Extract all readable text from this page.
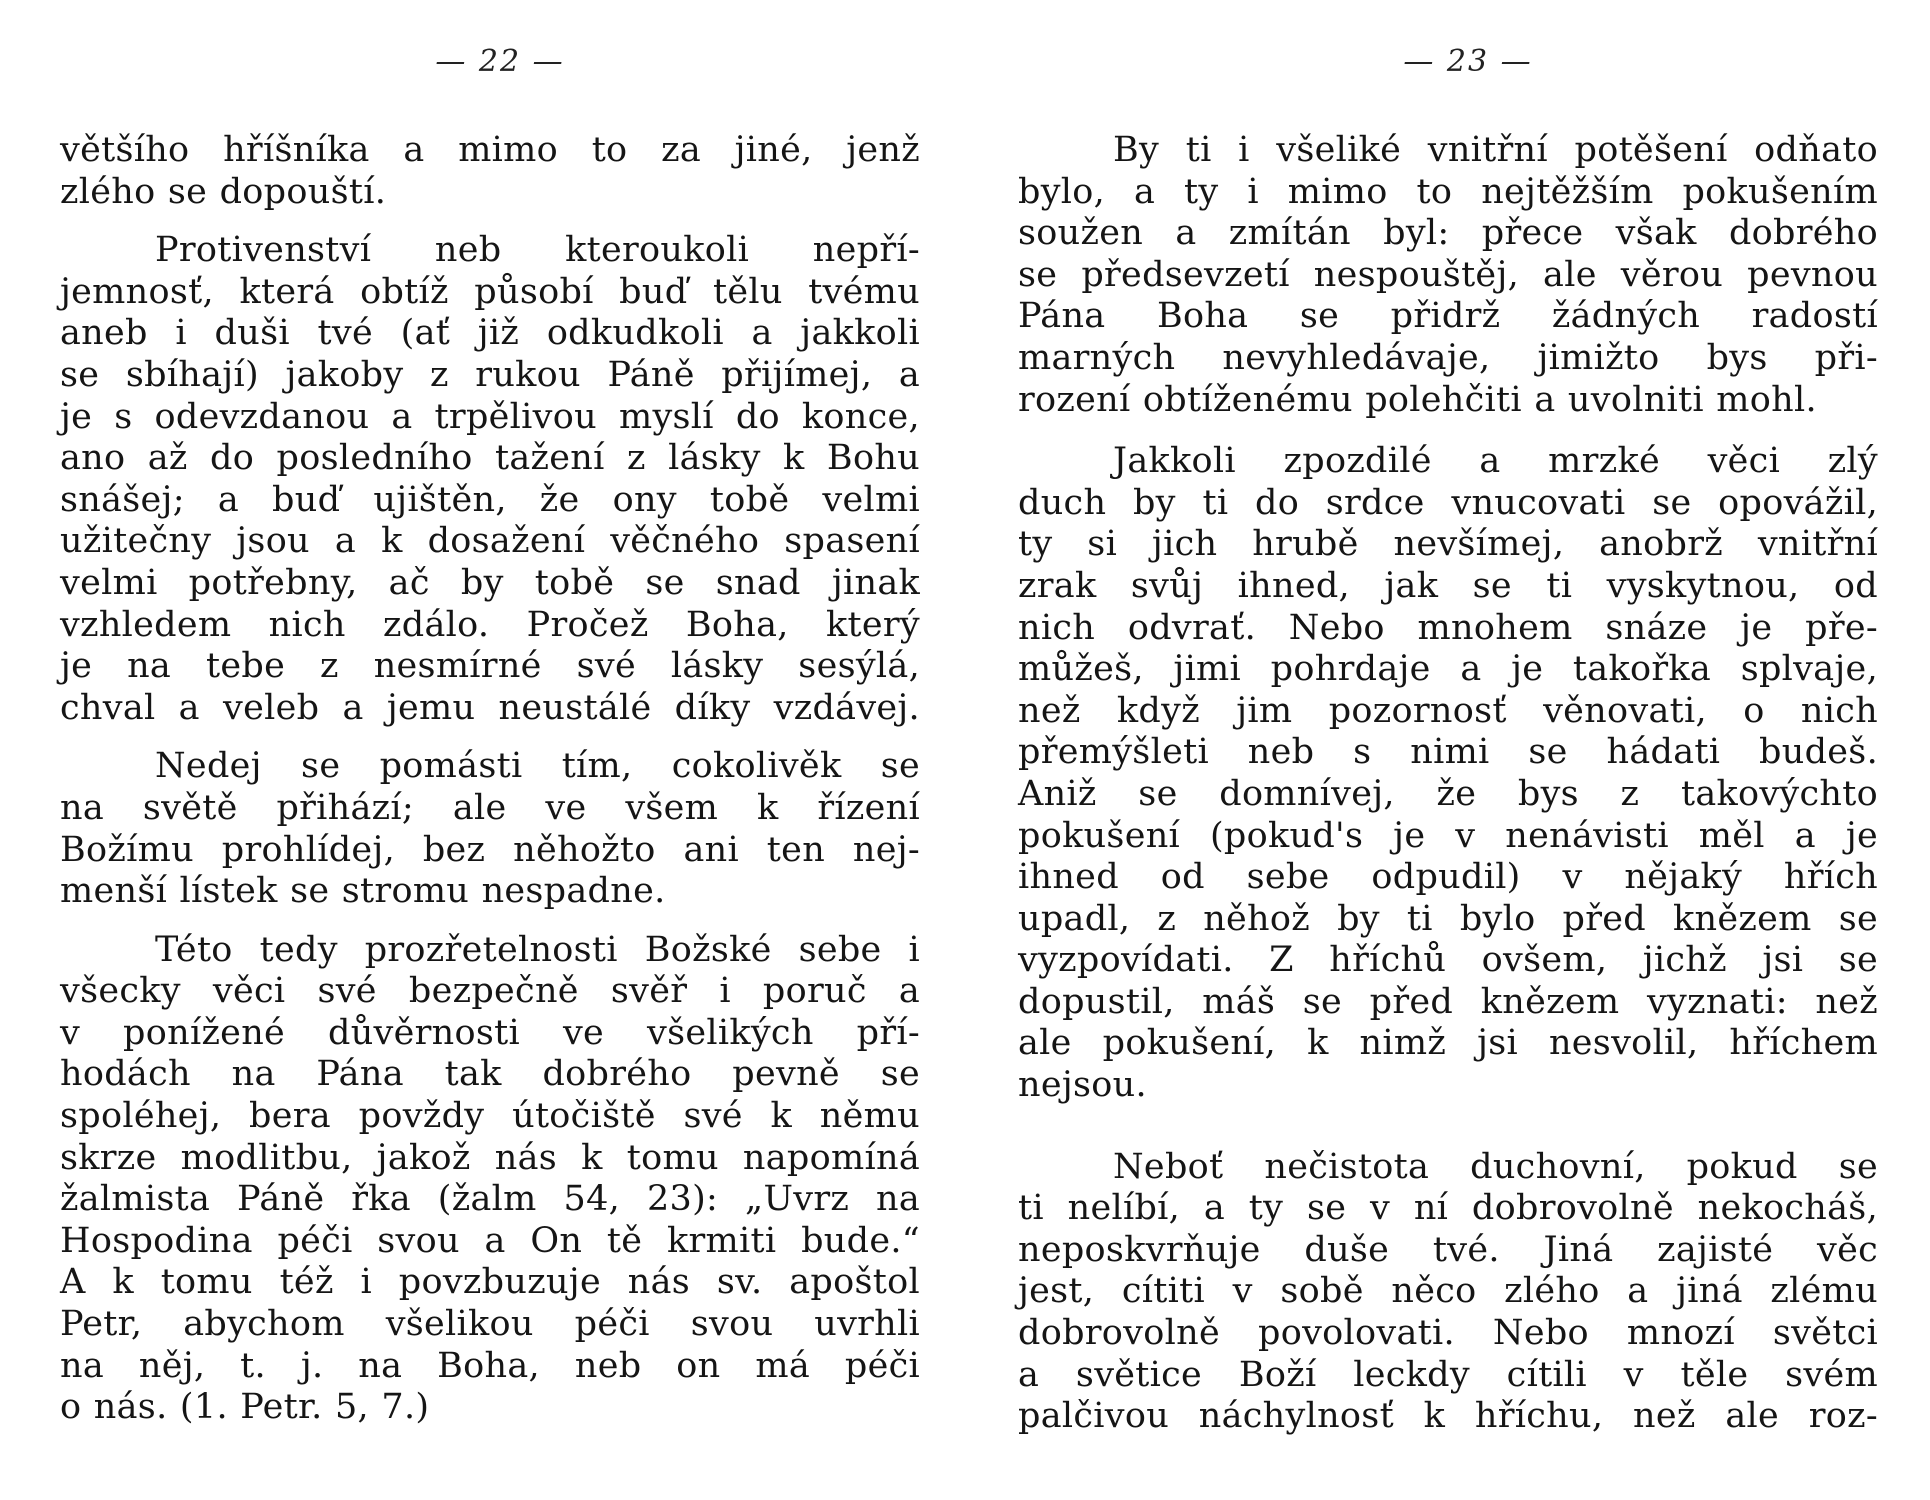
— 22 —
většího hříšníka a mimo to za jiné, jenž
zlého se dopouští.
Protivenství neb kteroukoli nepří-
jemnosť, která obtíž působí buď tělu tvému
aneb i duši tvé (ať již odkudkoli a jakkoli
se sbíhají) jakoby z rukou Páně přijímej, a
je s odevzdanou a trpělivou myslí do konce,
ano až do posledního tažení z lásky k Bohu
snášej; a buď ujištěn, že ony tobě velmi
užitečny jsou a k dosažení věčného spasení
velmi potřebny, ač by tobě se snad jinak
vzhledem nich zdálo. Pročež Boha, který
je na tebe z nesmírné své lásky sesýlá,
chval a veleb a jemu neustálé díky vzdávej.
Nedej se pomásti tím, cokolivěk se
na světě přihází; ale ve všem k řízení
Božímu prohlídej, bez něhožto ani ten nej-
menší lístek se stromu nespadne.
Této tedy prozřetelnosti Božské sebe i
všecky věci své bezpečně svěř i poruč a
v ponížené důvěrnosti ve všelikých pří-
hodách na Pána tak dobrého pevně se
spoléhej, bera povždy útočiště své k němu
skrze modlitbu, jakož nás k tomu napomíná
žalmista Páně řka (žalm 54, 23): „Uvrz na
Hospodina péči svou a On tě krmiti bude.“
A k tomu též i povzbuzuje nás sv. apoštol
Petr, abychom všelikou péči svou uvrhli
na něj, t. j. na Boha, neb on má péči
o nás. (1. Petr. 5, 7.)
— 23 —
By ti i všeliké vnitřní potěšení odňato
bylo, a ty i mimo to nejtěžším pokušením
soužen a zmítán byl: přece však dobrého
se předsevzetí nespouštěj, ale věrou pevnou
Pána Boha se přidrž žádných radostí
marných nevyhledávaje, jimižto bys při-
rození obtíženému polehčiti a uvolniti mohl.
Jakkoli zpozdilé a mrzké věci zlý
duch by ti do srdce vnucovati se opovážil,
ty si jich hrubě nevšímej, anobrž vnitřní
zrak svůj ihned, jak se ti vyskytnou, od
nich odvrať. Nebo mnohem snáze je pře-
můžeš, jimi pohrdaje a je takořka splvaje,
než když jim pozornosť věnovati, o nich
přemýšleti neb s nimi se hádati budeš.
Aniž se domnívej, že bys z takovýchto
pokušení (pokud's je v nenávisti měl a je
ihned od sebe odpudil) v nějaký hřích
upadl, z něhož by ti bylo před knězem se
vyzpovídati. Z hříchů ovšem, jichž jsi se
dopustil, máš se před knězem vyznati: než
ale pokušení, k nimž jsi nesvolil, hříchem
nejsou.
Neboť nečistota duchovní, pokud se
ti nelíbí, a ty se v ní dobrovolně nekocháš,
neposkvrňuje duše tvé. Jiná zajisté věc
jest, cítiti v sobě něco zlého a jiná zlému
dobrovolně povolovati. Nebo mnozí světci
a světice Boží leckdy cítili v těle svém
palčivou náchylnosť k hříchu, než ale roz-
